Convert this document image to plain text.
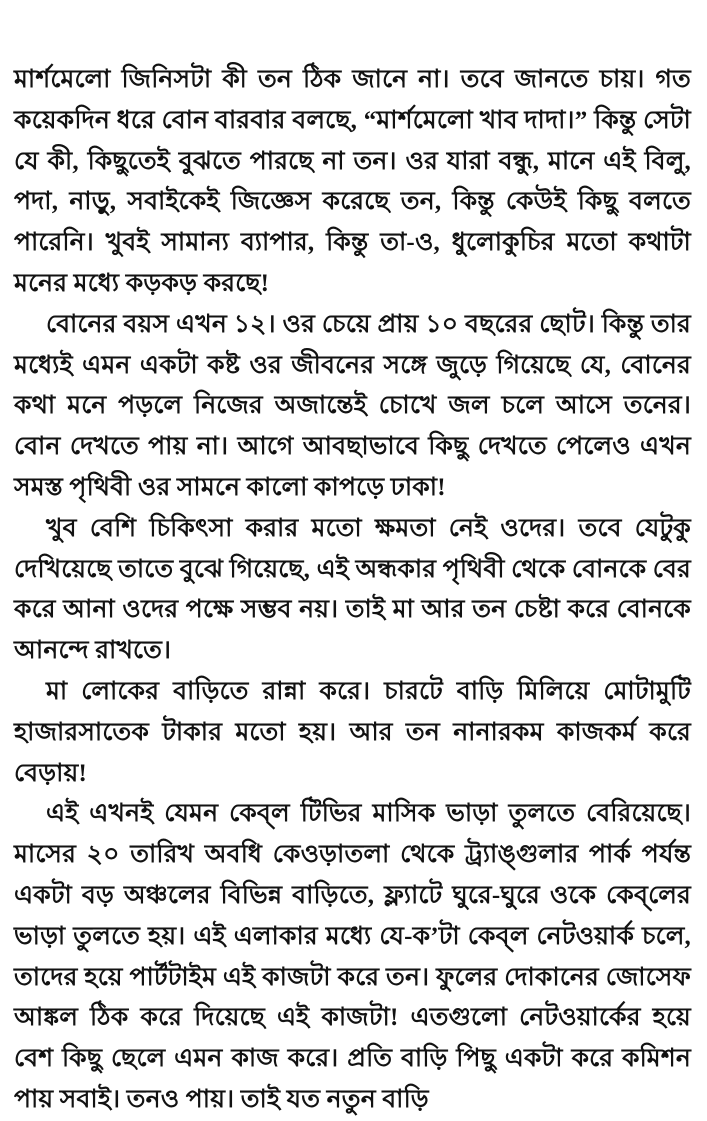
মার্শমেলো জিনিসটা কী তন ঠিক জানে না। তবে জানতে চায়। গত কয়েকদিন ধরে বোন বারবার বলছে, “মার্শমেলো খাব দাদা।” কিন্তু সেটা যে কী, কিছুতেই বুঝতে পারছে না তন। ওর যারা বন্ধু, মানে এই বিলু, পদা, নাড়ু, সবাইকেই জিজ্ঞেস করেছে তন, কিন্তু কেউই কিছু বলতে পারেনি। খুবই সামান্য ব্যাপার, কিন্তু তা-ও, ধুলোকুচির মতো কথাটা মনের মধ্যে কড়কড় করছে!

বোনের বয়স এখন ১২। ওর চেয়ে প্রায় ১০ বছরের ছোট। কিন্তু তার মধ্যেই এমন একটা কষ্ট ওর জীবনের সঙ্গে জুড়ে গিয়েছে যে, বোনের কথা মনে পড়লে নিজের অজান্তেই চোখে জল চলে আসে তনের। বোন দেখতে পায় না। আগে আবছাভাবে কিছু দেখতে পেলেও এখন সমস্ত পৃথিবী ওর সামনে কালো কাপড়ে ঢাকা!

খুব বেশি চিকিৎসা করার মতো ক্ষমতা নেই ওদের। তবে যেটুকু দেখিয়েছে তাতে বুঝে গিয়েছে, এই অন্ধকার পৃথিবী থেকে বোনকে বের করে আনা ওদের পক্ষে সম্ভব নয়। তাই মা আর তন চেষ্টা করে বোনকে আনন্দে রাখতে।

মা লোকের বাড়িতে রান্না করে। চারটে বাড়ি মিলিয়ে মোটামুটি হাজারসাতেক টাকার মতো হয়। আর তন নানারকম কাজকর্ম করে বেড়ায়!

এই এখনই যেমন কেব্‌ল টিভির মাসিক ভাড়া তুলতে বেরিয়েছে। মাসের ২০ তারিখ অবধি কেওড়াতলা থেকে ট্র্যাঙ্গুলার পার্ক পর্যন্ত একটা বড় অঞ্চলের বিভিন্ন বাড়িতে, ফ্ল্যাটে ঘুরে-ঘুরে ওকে কেব্‌লের ভাড়া তুলতে হয়। এই এলাকার মধ্যে যে-ক’টা কেব্‌ল নেটওয়ার্ক চলে, তাদের হয়ে পার্টটাইম এই কাজটা করে তন। ফুলের দোকানের জোসেফ আঙ্কল ঠিক করে দিয়েছে এই কাজটা! এতগুলো নেটওয়ার্কের হয়ে বেশ কিছু ছেলে এমন কাজ করে। প্রতি বাড়ি পিছু একটা করে কমিশন পায় সবাই। তনও পায়। তাই যত নতুন বাড়ি
